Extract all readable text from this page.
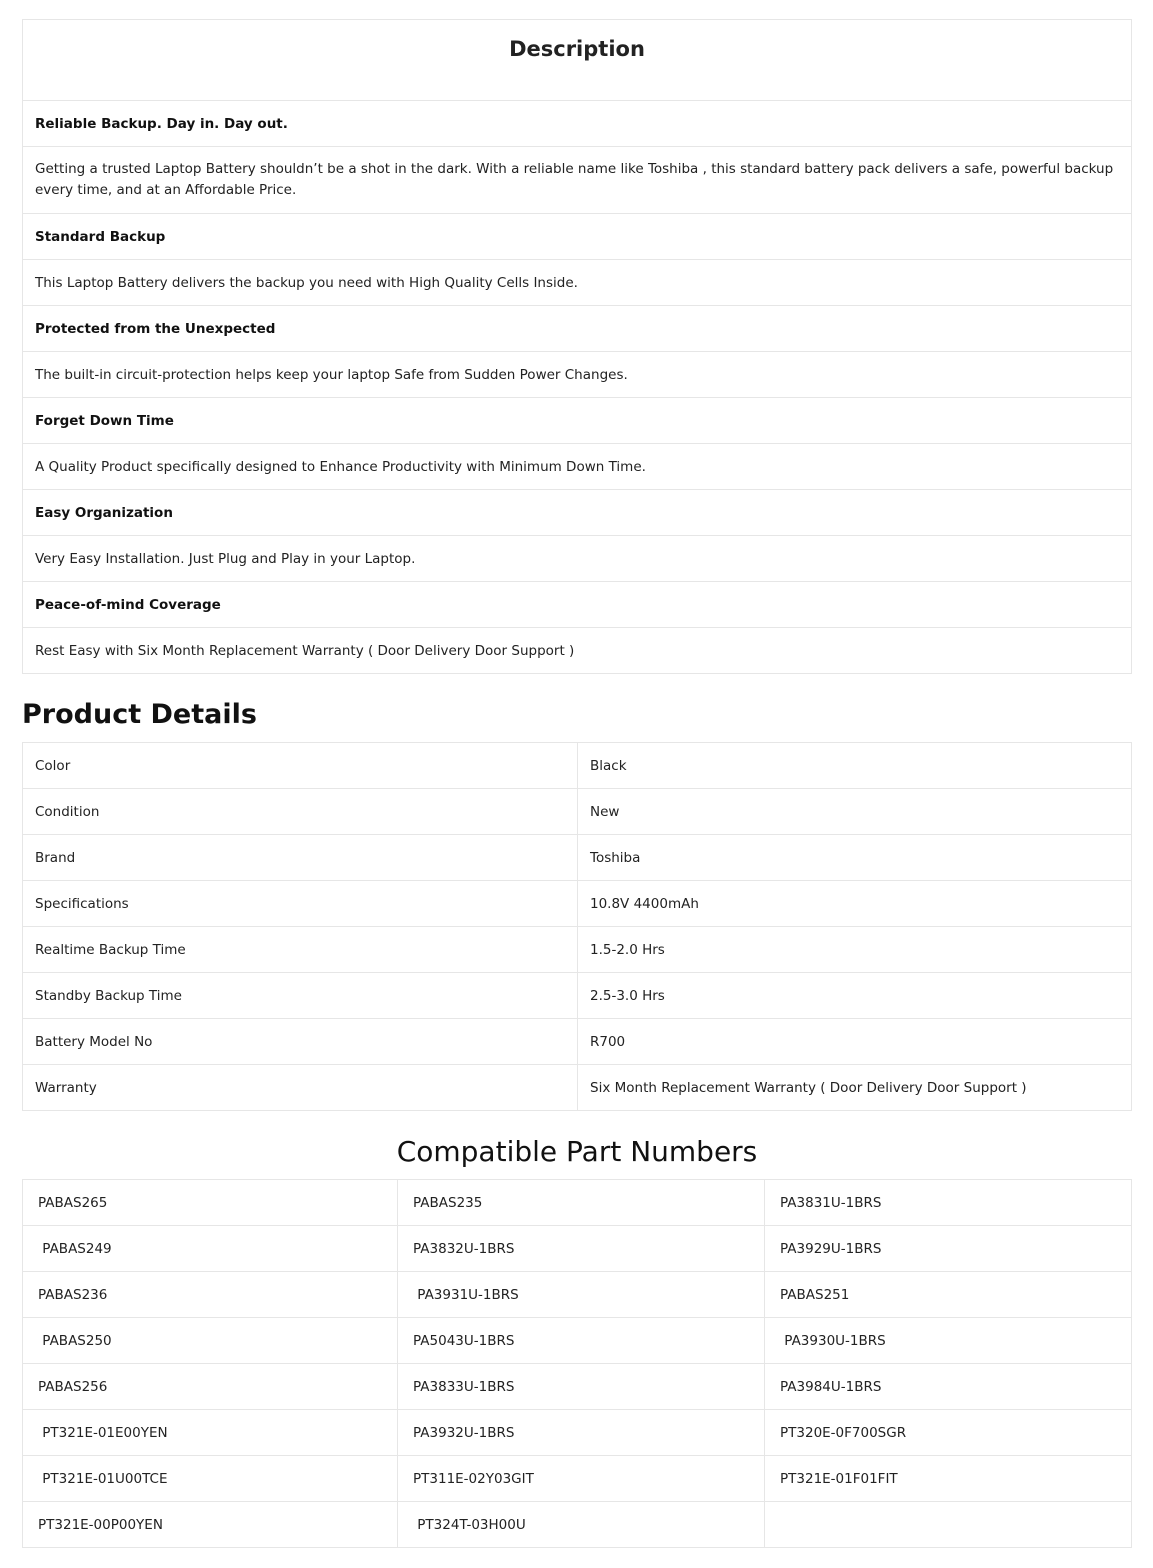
Description

Reliable Backup. Day in. Day out.
Getting a trusted Laptop Battery shouldn’t be a shot in the dark. With a reliable name like Toshiba , this standard battery pack delivers a safe, powerful backup every time, and at an Affordable Price.
Standard Backup
This Laptop Battery delivers the backup you need with High Quality Cells Inside.
Protected from the Unexpected
The built-in circuit-protection helps keep your laptop Safe from Sudden Power Changes.
Forget Down Time
A Quality Product specifically designed to Enhance Productivity with Minimum Down Time.
Easy Organization
Very Easy Installation. Just Plug and Play in your Laptop.
Peace-of-mind Coverage
Rest Easy with Six Month Replacement Warranty ( Door Delivery Door Support )
Product Details
Color	Black
Condition	New
Brand	Toshiba
Specifications	10.8V 4400mAh
Realtime Backup Time	1.5-2.0 Hrs
Standby Backup Time	2.5-3.0 Hrs
Battery Model No	R700
Warranty	Six Month Replacement Warranty ( Door Delivery Door Support )
Compatible Part Numbers
PABAS265	PABAS235	PA3831U-1BRS
PABAS249	PA3832U-1BRS	PA3929U-1BRS
PABAS236	PA3931U-1BRS	PABAS251
PABAS250	PA5043U-1BRS	PA3930U-1BRS
PABAS256	PA3833U-1BRS	PA3984U-1BRS
PT321E-01E00YEN	PA3932U-1BRS	PT320E-0F700SGR
PT321E-01U00TCE	PT311E-02Y03GIT	PT321E-01F01FIT
PT321E-00P00YEN	PT324T-03H00U	
